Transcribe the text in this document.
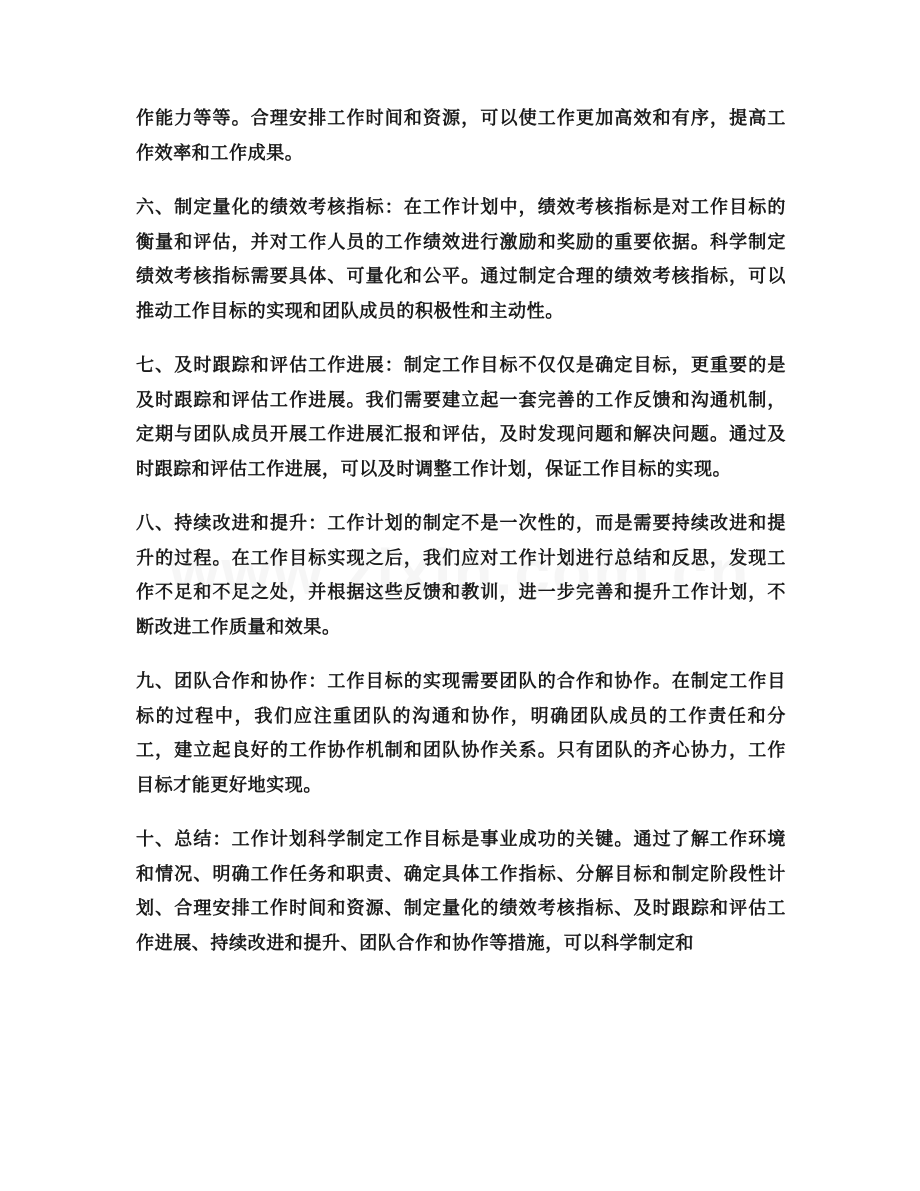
作能力等等。合理安排工作时间和资源，可以使工作更加高效和有序，提高工作效率和工作成果。

六、制定量化的绩效考核指标：在工作计划中，绩效考核指标是对工作目标的衡量和评估，并对工作人员的工作绩效进行激励和奖励的重要依据。科学制定绩效考核指标需要具体、可量化和公平。通过制定合理的绩效考核指标，可以推动工作目标的实现和团队成员的积极性和主动性。

七、及时跟踪和评估工作进展：制定工作目标不仅仅是确定目标，更重要的是及时跟踪和评估工作进展。我们需要建立起一套完善的工作反馈和沟通机制，定期与团队成员开展工作进展汇报和评估，及时发现问题和解决问题。通过及时跟踪和评估工作进展，可以及时调整工作计划，保证工作目标的实现。

八、持续改进和提升：工作计划的制定不是一次性的，而是需要持续改进和提升的过程。在工作目标实现之后，我们应对工作计划进行总结和反思，发现工作不足和不足之处，并根据这些反馈和教训，进一步完善和提升工作计划，不断改进工作质量和效果。

九、团队合作和协作：工作目标的实现需要团队的合作和协作。在制定工作目标的过程中，我们应注重团队的沟通和协作，明确团队成员的工作责任和分工，建立起良好的工作协作机制和团队协作关系。只有团队的齐心协力，工作目标才能更好地实现。

十、总结：工作计划科学制定工作目标是事业成功的关键。通过了解工作环境和情况、明确工作任务和职责、确定具体工作指标、分解目标和制定阶段性计划、合理安排工作时间和资源、制定量化的绩效考核指标、及时跟踪和评估工作进展、持续改进和提升、团队合作和协作等措施，可以科学制定和
